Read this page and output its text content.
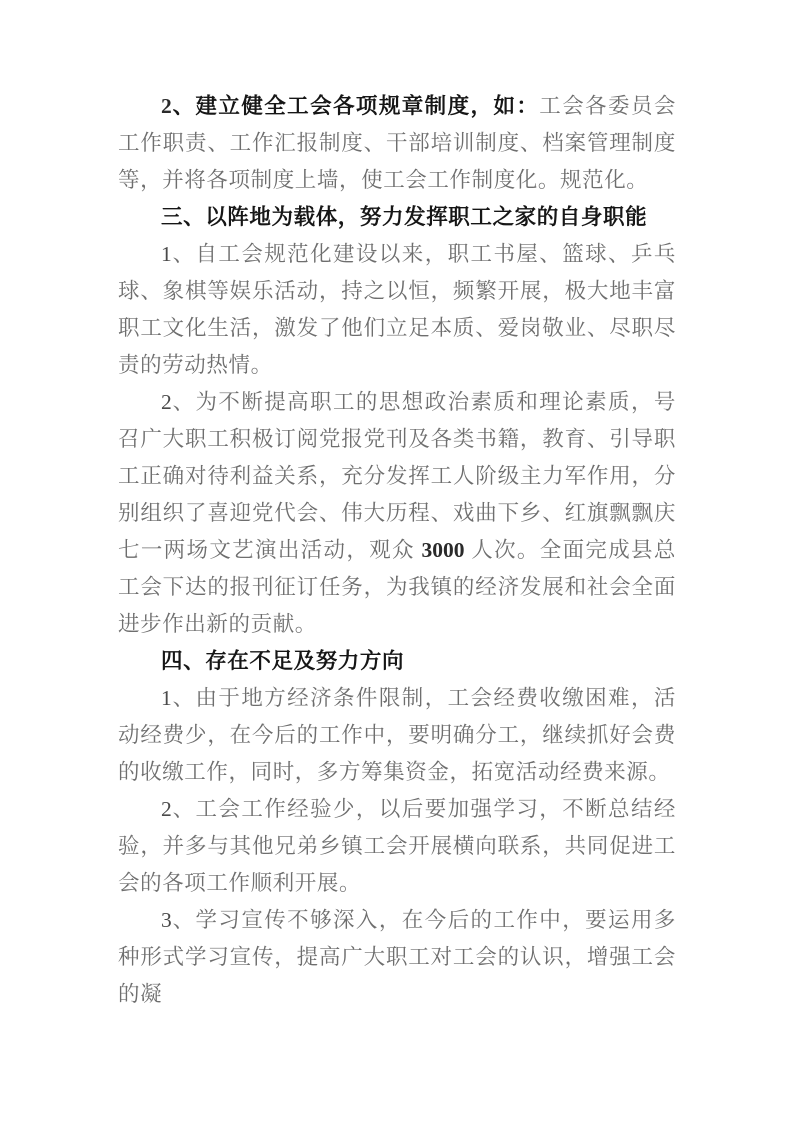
2、建立健全工会各项规章制度，如：工会各委员会工作职责、工作汇报制度、干部培训制度、档案管理制度等，并将各项制度上墙，使工会工作制度化。规范化。

三、以阵地为载体，努力发挥职工之家的自身职能

1、自工会规范化建设以来，职工书屋、篮球、乒乓球、象棋等娱乐活动，持之以恒，频繁开展，极大地丰富职工文化生活，激发了他们立足本质、爱岗敬业、尽职尽责的劳动热情。

2、为不断提高职工的思想政治素质和理论素质，号召广大职工积极订阅党报党刊及各类书籍，教育、引导职工正确对待利益关系，充分发挥工人阶级主力军作用，分别组织了喜迎党代会、伟大历程、戏曲下乡、红旗飘飘庆七一两场文艺演出活动，观众 3000 人次。全面完成县总工会下达的报刊征订任务，为我镇的经济发展和社会全面进步作出新的贡献。

四、存在不足及努力方向

1、由于地方经济条件限制，工会经费收缴困难，活动经费少，在今后的工作中，要明确分工，继续抓好会费的收缴工作，同时，多方筹集资金，拓宽活动经费来源。

2、工会工作经验少，以后要加强学习，不断总结经验，并多与其他兄弟乡镇工会开展横向联系，共同促进工会的各项工作顺利开展。

3、学习宣传不够深入，在今后的工作中，要运用多种形式学习宣传，提高广大职工对工会的认识，增强工会的凝
